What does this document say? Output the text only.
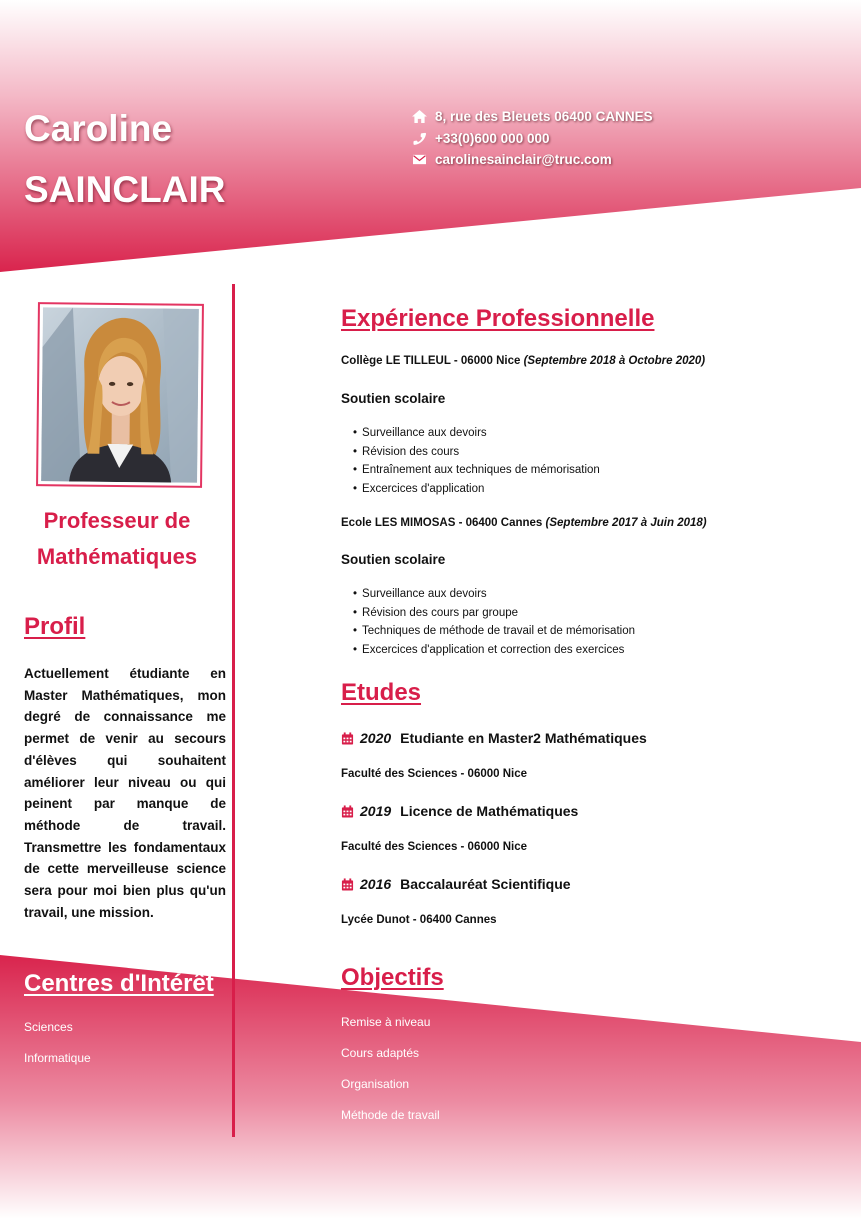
Caroline
SAINCLAIR
8, rue des Bleuets 06400 CANNES
+33(0)600 000 000
carolinesainclair@truc.com
Professeur de Mathématiques
Profil
Actuellement étudiante en Master Mathématiques, mon degré de connaissance me permet de venir au secours d'élèves qui souhaitent améliorer leur niveau ou qui peinent par manque de méthode de travail. Transmettre les fondamentaux de cette merveilleuse science sera pour moi bien plus qu'un travail, une mission.
Centres d'Intérêt
Sciences
Informatique
Expérience Professionnelle
Collège LE TILLEUL - 06000 Nice (Septembre 2018 à Octobre 2020)
Soutien scolaire
• Surveillance aux devoirs
• Révision des cours
• Entraînement aux techniques de mémorisation
• Excercices d'application
Ecole LES MIMOSAS - 06400 Cannes (Septembre 2017 à Juin 2018)
Soutien scolaire
• Surveillance aux devoirs
• Révision des cours par groupe
• Techniques de méthode de travail et de mémorisation
• Excercices d'application et correction des exercices
Etudes
2020 Etudiante en Master2 Mathématiques
Faculté des Sciences - 06000 Nice
2019 Licence de Mathématiques
Faculté des Sciences - 06000 Nice
2016 Baccalauréat Scientifique
Lycée Dunot - 06400 Cannes
Objectifs
Remise à niveau
Cours adaptés
Organisation
Méthode de travail
